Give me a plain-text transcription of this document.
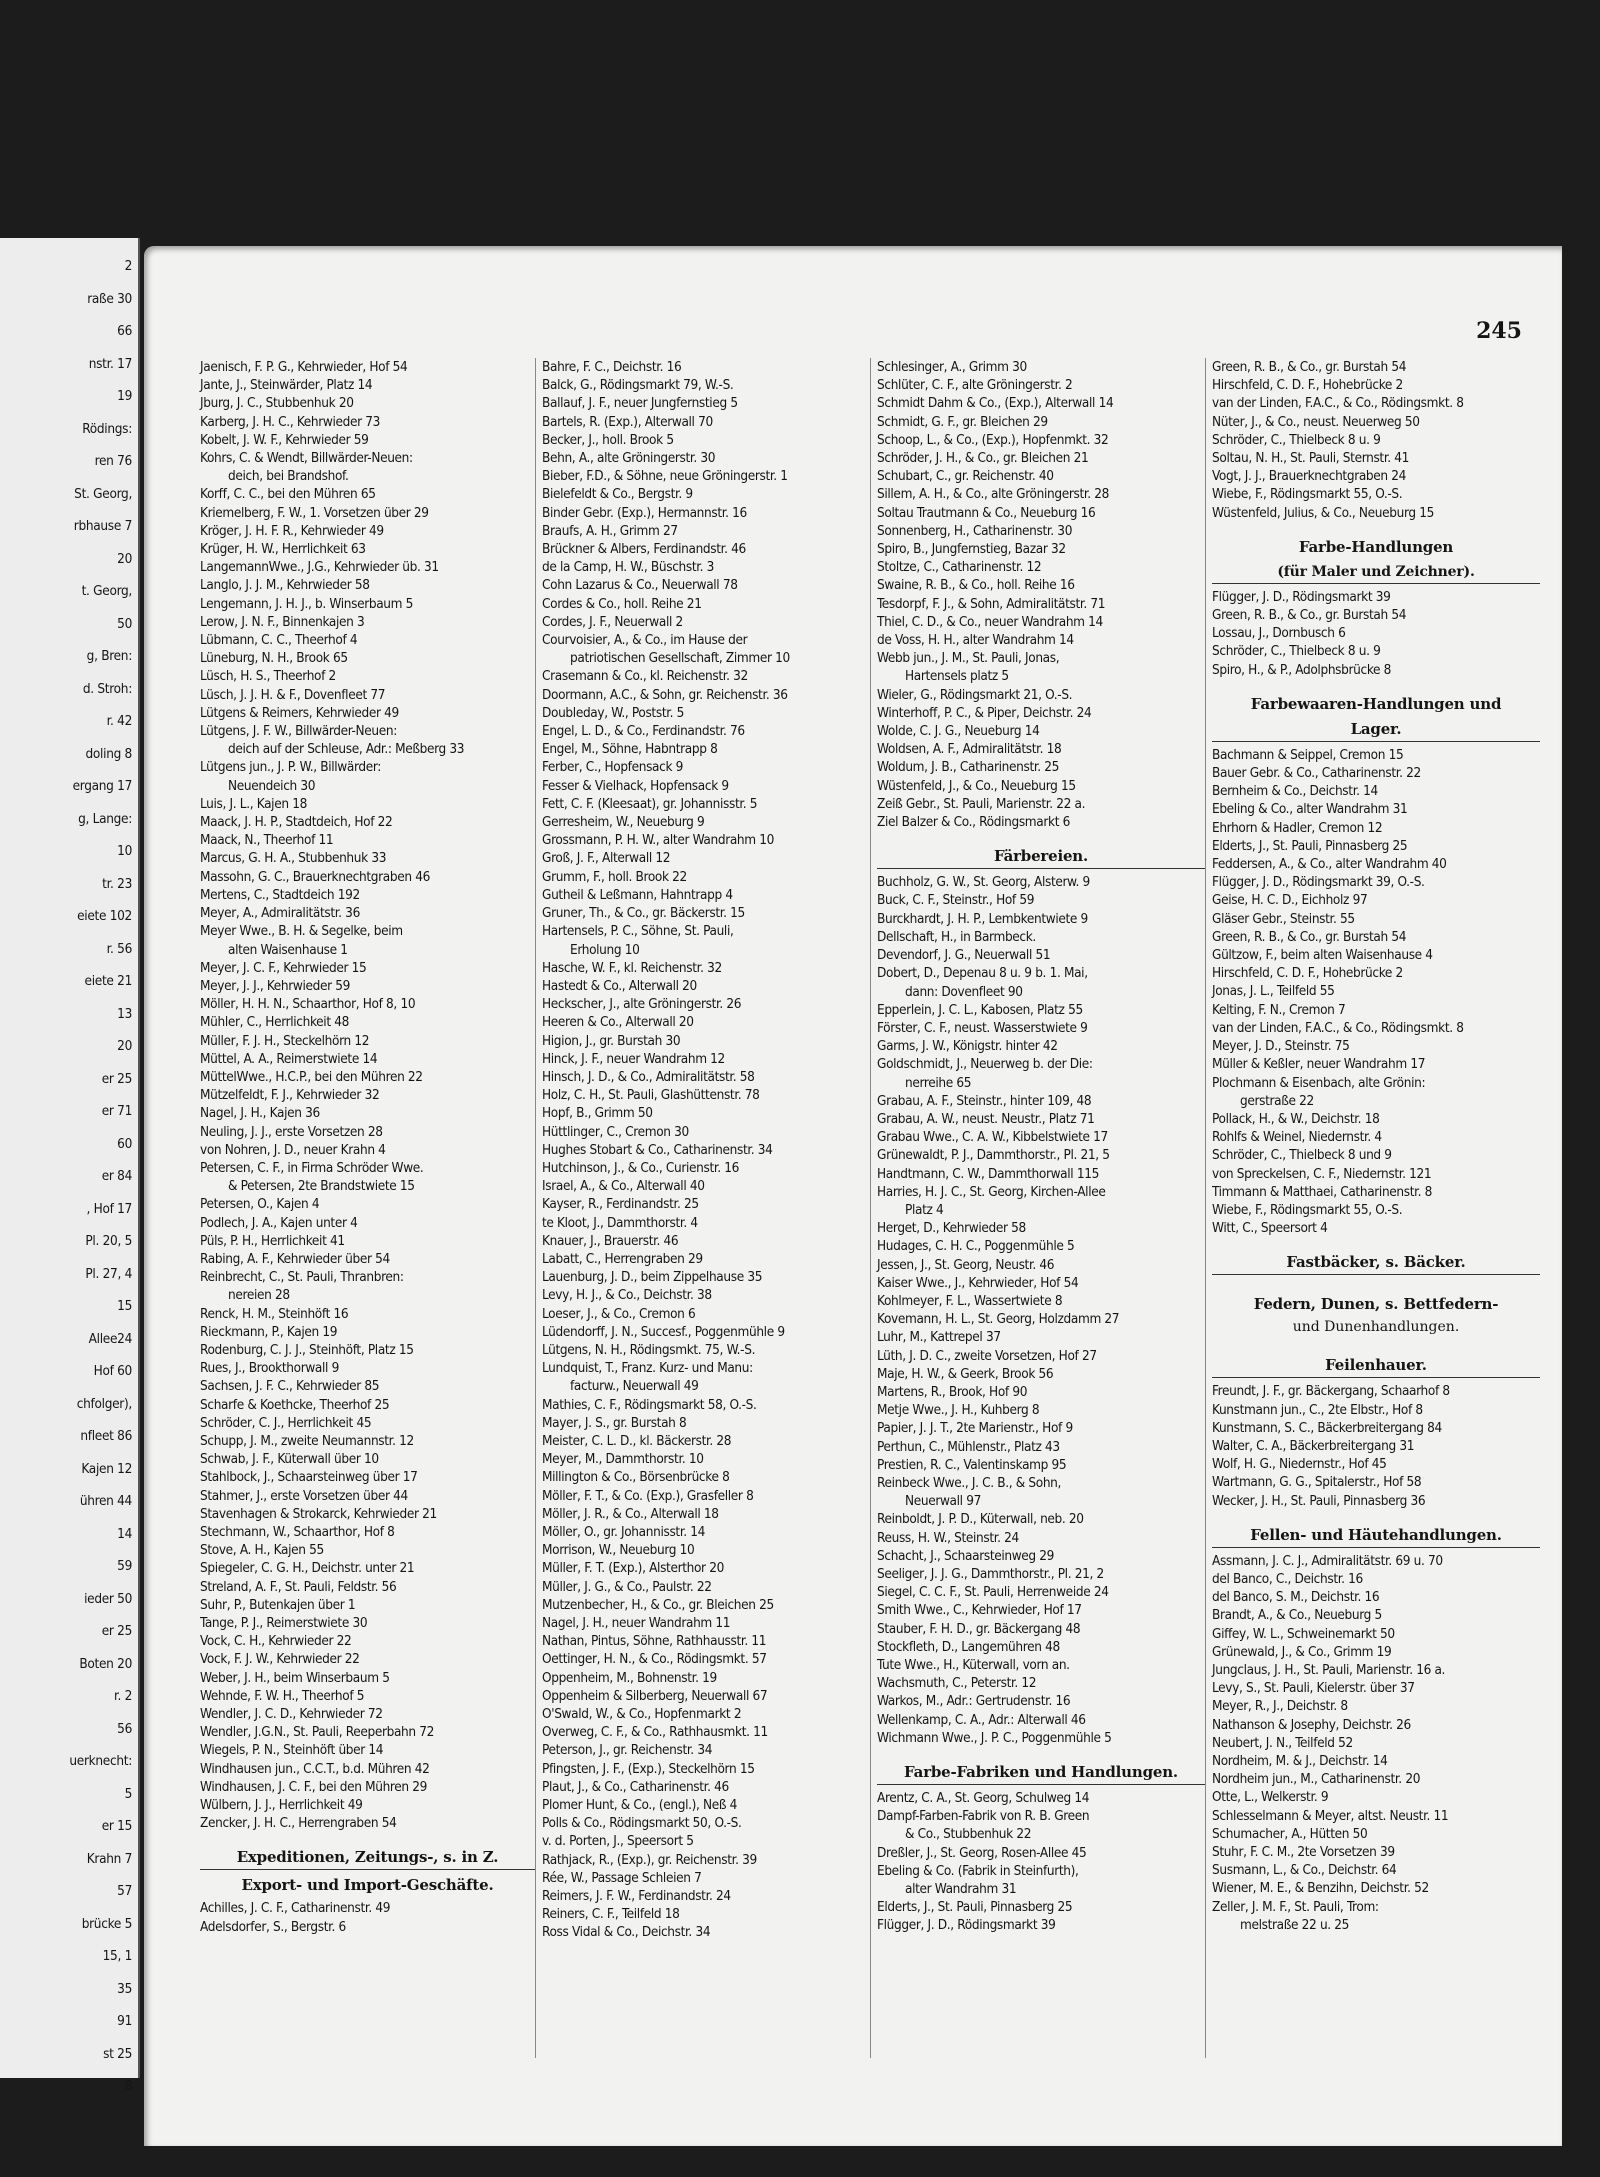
2
raße 30
66
nstr. 17
19
Rödings:
ren 76
St. Georg,
rbhause 7
20
t. Georg,
50
g, Bren:
d. Stroh:
r. 42
doling 8
ergang 17
g, Lange:
10
tr. 23
eiete 102
r. 56
eiete 21
13
20
er 25
er 71
60
er 84
, Hof 17
Pl. 20, 5
Pl. 27, 4
15
Allee24
Hof 60
chfolger),
nfleet 86
Kajen 12
ühren 44
14
59
ieder 50
er 25
Boten 20
r. 2
56
uerknecht:
5
er 15
Krahn 7
57
brücke 5
15, 1
35
91
st 25
8
245
Jaenisch, F. P. G., Kehrwieder, Hof 54
Jante, J., Steinwärder, Platz 14
Jburg, J. C., Stubbenhuk 20
Karberg, J. H. C., Kehrwieder 73
Kobelt, J. W. F., Kehrwieder 59
Kohrs, C. & Wendt, Billwärder-Neuen:
deich, bei Brandshof.
Korff, C. C., bei den Mühren 65
Kriemelberg, F. W., 1. Vorsetzen über 29
Kröger, J. H. F. R., Kehrwieder 49
Krüger, H. W., Herrlichkeit 63
LangemannWwe., J.G., Kehrwieder üb. 31
Langlo, J. J. M., Kehrwieder 58
Lengemann, J. H. J., b. Winserbaum 5
Lerow, J. N. F., Binnenkajen 3
Lübmann, C. C., Theerhof 4
Lüneburg, N. H., Brook 65
Lüsch, H. S., Theerhof 2
Lüsch, J. J. H. & F., Dovenfleet 77
Lütgens & Reimers, Kehrwieder 49
Lütgens, J. F. W., Billwärder-Neuen:
deich auf der Schleuse, Adr.: Meßberg 33
Lütgens jun., J. P. W., Billwärder:
Neuendeich 30
Luis, J. L., Kajen 18
Maack, J. H. P., Stadtdeich, Hof 22
Maack, N., Theerhof 11
Marcus, G. H. A., Stubbenhuk 33
Massohn, G. C., Brauerknechtgraben 46
Mertens, C., Stadtdeich 192
Meyer, A., Admiralitätstr. 36
Meyer Wwe., B. H. & Segelke, beim
alten Waisenhause 1
Meyer, J. C. F., Kehrwieder 15
Meyer, J. J., Kehrwieder 59
Möller, H. H. N., Schaarthor, Hof 8, 10
Mühler, C., Herrlichkeit 48
Müller, F. J. H., Steckelhörn 12
Müttel, A. A., Reimerstwiete 14
MüttelWwe., H.C.P., bei den Mühren 22
Mützelfeldt, F. J., Kehrwieder 32
Nagel, J. H., Kajen 36
Neuling, J. J., erste Vorsetzen 28
von Nohren, J. D., neuer Krahn 4
Petersen, C. F., in Firma Schröder Wwe.
& Petersen, 2te Brandstwiete 15
Petersen, O., Kajen 4
Podlech, J. A., Kajen unter 4
Püls, P. H., Herrlichkeit 41
Rabing, A. F., Kehrwieder über 54
Reinbrecht, C., St. Pauli, Thranbren:
nereien 28
Renck, H. M., Steinhöft 16
Rieckmann, P., Kajen 19
Rodenburg, C. J. J., Steinhöft, Platz 15
Rues, J., Brookthorwall 9
Sachsen, J. F. C., Kehrwieder 85
Scharfe & Koethcke, Theerhof 25
Schröder, C. J., Herrlichkeit 45
Schupp, J. M., zweite Neumannstr. 12
Schwab, J. F., Küterwall über 10
Stahlbock, J., Schaarsteinweg über 17
Stahmer, J., erste Vorsetzen über 44
Stavenhagen & Strokarck, Kehrwieder 21
Stechmann, W., Schaarthor, Hof 8
Stove, A. H., Kajen 55
Spiegeler, C. G. H., Deichstr. unter 21
Streland, A. F., St. Pauli, Feldstr. 56
Suhr, P., Butenkajen über 1
Tange, P. J., Reimerstwiete 30
Vock, C. H., Kehrwieder 22
Vock, F. J. W., Kehrwieder 22
Weber, J. H., beim Winserbaum 5
Wehnde, F. W. H., Theerhof 5
Wendler, J. C. D., Kehrwieder 72
Wendler, J.G.N., St. Pauli, Reeperbahn 72
Wiegels, P. N., Steinhöft über 14
Windhausen jun., C.C.T., b.d. Mühren 42
Windhausen, J. C. F., bei den Mühren 29
Wülbern, J. J., Herrlichkeit 49
Zencker, J. H. C., Herrengraben 54
Expeditionen, Zeitungs-, s. in Z.
Export- und Import-Geschäfte.
Achilles, J. C. F., Catharinenstr. 49
Adelsdorfer, S., Bergstr. 6
Bahre, F. C., Deichstr. 16
Balck, G., Rödingsmarkt 79, W.-S.
Ballauf, J. F., neuer Jungfernstieg 5
Bartels, R. (Exp.), Alterwall 70
Becker, J., holl. Brook 5
Behn, A., alte Gröningerstr. 30
Bieber, F.D., & Söhne, neue Gröningerstr. 1
Bielefeldt & Co., Bergstr. 9
Binder Gebr. (Exp.), Hermannstr. 16
Braufs, A. H., Grimm 27
Brückner & Albers, Ferdinandstr. 46
de la Camp, H. W., Büschstr. 3
Cohn Lazarus & Co., Neuerwall 78
Cordes & Co., holl. Reihe 21
Cordes, J. F., Neuerwall 2
Courvoisier, A., & Co., im Hause der
patriotischen Gesellschaft, Zimmer 10
Crasemann & Co., kl. Reichenstr. 32
Doormann, A.C., & Sohn, gr. Reichenstr. 36
Doubleday, W., Poststr. 5
Engel, L. D., & Co., Ferdinandstr. 76
Engel, M., Söhne, Habntrapp 8
Ferber, C., Hopfensack 9
Fesser & Vielhack, Hopfensack 9
Fett, C. F. (Kleesaat), gr. Johannisstr. 5
Gerresheim, W., Neueburg 9
Grossmann, P. H. W., alter Wandrahm 10
Groß, J. F., Alterwall 12
Grumm, F., holl. Brook 22
Gutheil & Leßmann, Hahntrapp 4
Gruner, Th., & Co., gr. Bäckerstr. 15
Hartensels, P. C., Söhne, St. Pauli,
Erholung 10
Hasche, W. F., kl. Reichenstr. 32
Hastedt & Co., Alterwall 20
Heckscher, J., alte Gröningerstr. 26
Heeren & Co., Alterwall 20
Higion, J., gr. Burstah 30
Hinck, J. F., neuer Wandrahm 12
Hinsch, J. D., & Co., Admiralitätstr. 58
Holz, C. H., St. Pauli, Glashüttenstr. 78
Hopf, B., Grimm 50
Hüttlinger, C., Cremon 30
Hughes Stobart & Co., Catharinenstr. 34
Hutchinson, J., & Co., Curienstr. 16
Israel, A., & Co., Alterwall 40
Kayser, R., Ferdinandstr. 25
te Kloot, J., Dammthorstr. 4
Knauer, J., Brauerstr. 46
Labatt, C., Herrengraben 29
Lauenburg, J. D., beim Zippelhause 35
Levy, H. J., & Co., Deichstr. 38
Loeser, J., & Co., Cremon 6
Lüdendorff, J. N., Succesf., Poggenmühle 9
Lütgens, N. H., Rödingsmkt. 75, W.-S.
Lundquist, T., Franz. Kurz- und Manu:
facturw., Neuerwall 49
Mathies, C. F., Rödingsmarkt 58, O.-S.
Mayer, J. S., gr. Burstah 8
Meister, C. L. D., kl. Bäckerstr. 28
Meyer, M., Dammthorstr. 10
Millington & Co., Börsenbrücke 8
Möller, F. T., & Co. (Exp.), Grasfeller 8
Möller, J. R., & Co., Alterwall 18
Möller, O., gr. Johannisstr. 14
Morrison, W., Neueburg 10
Müller, F. T. (Exp.), Alsterthor 20
Müller, J. G., & Co., Paulstr. 22
Mutzenbecher, H., & Co., gr. Bleichen 25
Nagel, J. H., neuer Wandrahm 11
Nathan, Pintus, Söhne, Rathhausstr. 11
Oettinger, H. N., & Co., Rödingsmkt. 57
Oppenheim, M., Bohnenstr. 19
Oppenheim & Silberberg, Neuerwall 67
O'Swald, W., & Co., Hopfenmarkt 2
Overweg, C. F., & Co., Rathhausmkt. 11
Peterson, J., gr. Reichenstr. 34
Pfingsten, J. F., (Exp.), Steckelhörn 15
Plaut, J., & Co., Catharinenstr. 46
Plomer Hunt, & Co., (engl.), Neß 4
Polls & Co., Rödingsmarkt 50, O.-S.
v. d. Porten, J., Speersort 5
Rathjack, R., (Exp.), gr. Reichenstr. 39
Rée, W., Passage Schleien 7
Reimers, J. F. W., Ferdinandstr. 24
Reiners, C. F., Teilfeld 18
Ross Vidal & Co., Deichstr. 34
Schlesinger, A., Grimm 30
Schlüter, C. F., alte Gröningerstr. 2
Schmidt Dahm & Co., (Exp.), Alterwall 14
Schmidt, G. F., gr. Bleichen 29
Schoop, L., & Co., (Exp.), Hopfenmkt. 32
Schröder, J. H., & Co., gr. Bleichen 21
Schubart, C., gr. Reichenstr. 40
Sillem, A. H., & Co., alte Gröningerstr. 28
Soltau Trautmann & Co., Neueburg 16
Sonnenberg, H., Catharinenstr. 30
Spiro, B., Jungfernstieg, Bazar 32
Stoltze, C., Catharinenstr. 12
Swaine, R. B., & Co., holl. Reihe 16
Tesdorpf, F. J., & Sohn, Admiralitätstr. 71
Thiel, C. D., & Co., neuer Wandrahm 14
de Voss, H. H., alter Wandrahm 14
Webb jun., J. M., St. Pauli, Jonas,
Hartensels platz 5
Wieler, G., Rödingsmarkt 21, O.-S.
Winterhoff, P. C., & Piper, Deichstr. 24
Wolde, C. J. G., Neueburg 14
Woldsen, A. F., Admiralitätstr. 18
Woldum, J. B., Catharinenstr. 25
Wüstenfeld, J., & Co., Neueburg 15
Zeiß Gebr., St. Pauli, Marienstr. 22 a.
Ziel Balzer & Co., Rödingsmarkt 6
Färbereien.
Buchholz, G. W., St. Georg, Alsterw. 9
Buck, C. F., Steinstr., Hof 59
Burckhardt, J. H. P., Lembkentwiete 9
Dellschaft, H., in Barmbeck.
Devendorf, J. G., Neuerwall 51
Dobert, D., Depenau 8 u. 9 b. 1. Mai,
dann: Dovenfleet 90
Epperlein, J. C. L., Kabosen, Platz 55
Förster, C. F., neust. Wasserstwiete 9
Garms, J. W., Königstr. hinter 42
Goldschmidt, J., Neuerweg b. der Die:
nerreihe 65
Grabau, A. F., Steinstr., hinter 109, 48
Grabau, A. W., neust. Neustr., Platz 71
Grabau Wwe., C. A. W., Kibbelstwiete 17
Grünewaldt, P. J., Dammthorstr., Pl. 21, 5
Handtmann, C. W., Dammthorwall 115
Harries, H. J. C., St. Georg, Kirchen-Allee
Platz 4
Herget, D., Kehrwieder 58
Hudages, C. H. C., Poggenmühle 5
Jessen, J., St. Georg, Neustr. 46
Kaiser Wwe., J., Kehrwieder, Hof 54
Kohlmeyer, F. L., Wassertwiete 8
Kovemann, H. L., St. Georg, Holzdamm 27
Luhr, M., Kattrepel 37
Lüth, J. D. C., zweite Vorsetzen, Hof 27
Maje, H. W., & Geerk, Brook 56
Martens, R., Brook, Hof 90
Metje Wwe., J. H., Kuhberg 8
Papier, J. J. T., 2te Marienstr., Hof 9
Perthun, C., Mühlenstr., Platz 43
Prestien, R. C., Valentinskamp 95
Reinbeck Wwe., J. C. B., & Sohn,
Neuerwall 97
Reinboldt, J. P. D., Küterwall, neb. 20
Reuss, H. W., Steinstr. 24
Schacht, J., Schaarsteinweg 29
Seeliger, J. J. G., Dammthorstr., Pl. 21, 2
Siegel, C. C. F., St. Pauli, Herrenweide 24
Smith Wwe., C., Kehrwieder, Hof 17
Stauber, F. H. D., gr. Bäckergang 48
Stockfleth, D., Langemühren 48
Tute Wwe., H., Küterwall, vorn an.
Wachsmuth, C., Peterstr. 12
Warkos, M., Adr.: Gertrudenstr. 16
Wellenkamp, C. A., Adr.: Alterwall 46
Wichmann Wwe., J. P. C., Poggenmühle 5
Farbe-Fabriken und Handlungen.
Arentz, C. A., St. Georg, Schulweg 14
Dampf-Farben-Fabrik von R. B. Green
& Co., Stubbenhuk 22
Dreßler, J., St. Georg, Rosen-Allee 45
Ebeling & Co. (Fabrik in Steinfurth),
alter Wandrahm 31
Elderts, J., St. Pauli, Pinnasberg 25
Flügger, J. D., Rödingsmarkt 39
Green, R. B., & Co., gr. Burstah 54
Hirschfeld, C. D. F., Hohebrücke 2
van der Linden, F.A.C., & Co., Rödingsmkt. 8
Nüter, J., & Co., neust. Neuerweg 50
Schröder, C., Thielbeck 8 u. 9
Soltau, N. H., St. Pauli, Sternstr. 41
Vogt, J. J., Brauerknechtgraben 24
Wiebe, F., Rödingsmarkt 55, O.-S.
Wüstenfeld, Julius, & Co., Neueburg 15
Farbe-Handlungen
(für Maler und Zeichner).
Flügger, J. D., Rödingsmarkt 39
Green, R. B., & Co., gr. Burstah 54
Lossau, J., Dornbusch 6
Schröder, C., Thielbeck 8 u. 9
Spiro, H., & P., Adolphsbrücke 8
Farbewaaren-Handlungen und
Lager.
Bachmann & Seippel, Cremon 15
Bauer Gebr. & Co., Catharinenstr. 22
Bernheim & Co., Deichstr. 14
Ebeling & Co., alter Wandrahm 31
Ehrhorn & Hadler, Cremon 12
Elderts, J., St. Pauli, Pinnasberg 25
Feddersen, A., & Co., alter Wandrahm 40
Flügger, J. D., Rödingsmarkt 39, O.-S.
Geise, H. C. D., Eichholz 97
Gläser Gebr., Steinstr. 55
Green, R. B., & Co., gr. Burstah 54
Gültzow, F., beim alten Waisenhause 4
Hirschfeld, C. D. F., Hohebrücke 2
Jonas, J. L., Teilfeld 55
Kelting, F. N., Cremon 7
van der Linden, F.A.C., & Co., Rödingsmkt. 8
Meyer, J. D., Steinstr. 75
Müller & Keßler, neuer Wandrahm 17
Plochmann & Eisenbach, alte Grönin:
gerstraße 22
Pollack, H., & W., Deichstr. 18
Rohlfs & Weinel, Niedernstr. 4
Schröder, C., Thielbeck 8 und 9
von Spreckelsen, C. F., Niedernstr. 121
Timmann & Matthaei, Catharinenstr. 8
Wiebe, F., Rödingsmarkt 55, O.-S.
Witt, C., Speersort 4
Fastbäcker, s. Bäcker.
Federn, Dunen, s. Bettfedern-
und Dunenhandlungen.
Feilenhauer.
Freundt, J. F., gr. Bäckergang, Schaarhof 8
Kunstmann jun., C., 2te Elbstr., Hof 8
Kunstmann, S. C., Bäckerbreitergang 84
Walter, C. A., Bäckerbreitergang 31
Wolf, H. G., Niedernstr., Hof 45
Wartmann, G. G., Spitalerstr., Hof 58
Wecker, J. H., St. Pauli, Pinnasberg 36
Fellen- und Häutehandlungen.
Assmann, J. C. J., Admiralitätstr. 69 u. 70
del Banco, C., Deichstr. 16
del Banco, S. M., Deichstr. 16
Brandt, A., & Co., Neueburg 5
Giffey, W. L., Schweinemarkt 50
Grünewald, J., & Co., Grimm 19
Jungclaus, J. H., St. Pauli, Marienstr. 16 a.
Levy, S., St. Pauli, Kielerstr. über 37
Meyer, R., J., Deichstr. 8
Nathanson & Josephy, Deichstr. 26
Neubert, J. N., Teilfeld 52
Nordheim, M. & J., Deichstr. 14
Nordheim jun., M., Catharinenstr. 20
Otte, L., Welkerstr. 9
Schlesselmann & Meyer, altst. Neustr. 11
Schumacher, A., Hütten 50
Stuhr, F. C. M., 2te Vorsetzen 39
Susmann, L., & Co., Deichstr. 64
Wiener, M. E., & Benzihn, Deichstr. 52
Zeller, J. M. F., St. Pauli, Trom:
melstraße 22 u. 25
